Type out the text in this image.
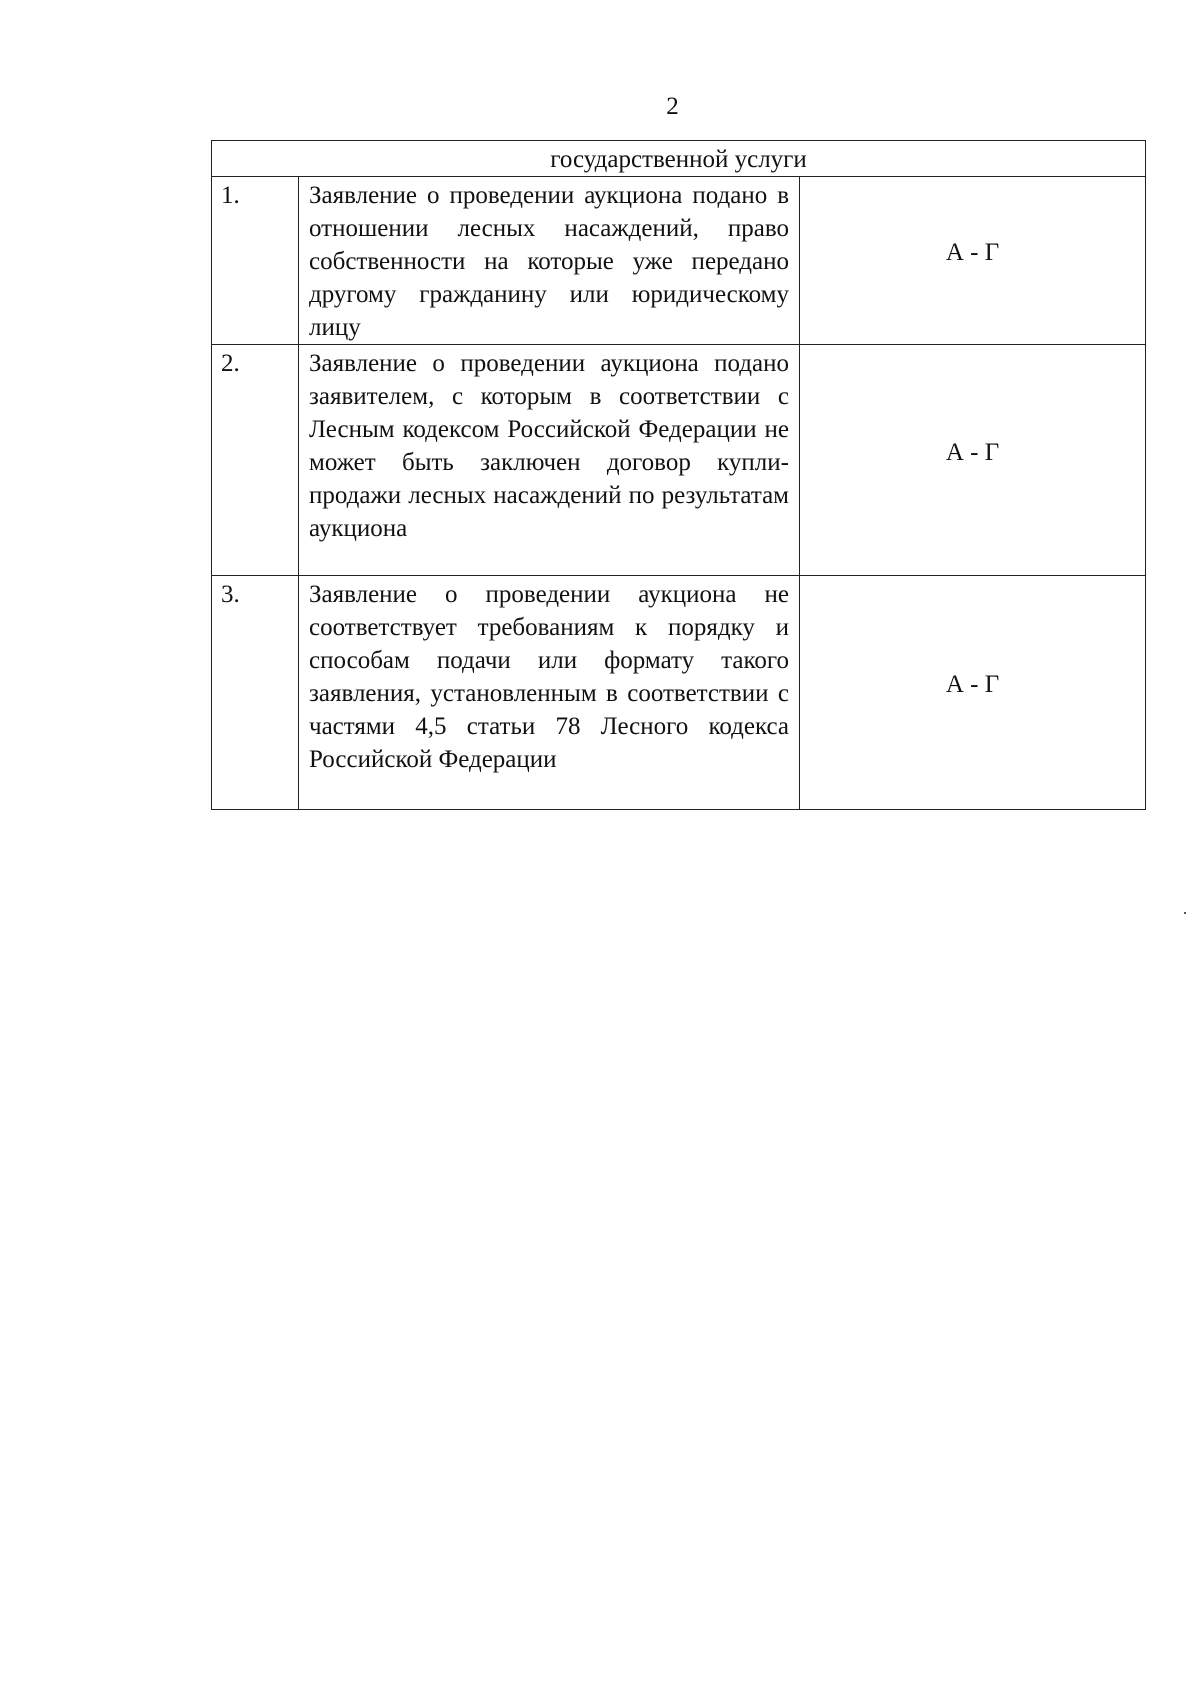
2
государственной услуги		
1.	Заявление о проведении аукциона подано в отношении лесных насаждений, право собственности на которые уже передано другому гражданину или юридическому лицу	А - Г
2.	Заявление о проведении аукциона подано заявителем, с которым в соответствии с Лесным кодексом Российской Федерации не может быть заключен договор купли-продажи лесных насаждений по результатам аукциона	А - Г
3.	Заявление о проведении аукциона не соответствует требованиям к порядку и способам подачи или формату такого заявления, установленным в соответствии с частями 4,5 статьи 78 Лесного кодекса Российской Федерации	А - Г
